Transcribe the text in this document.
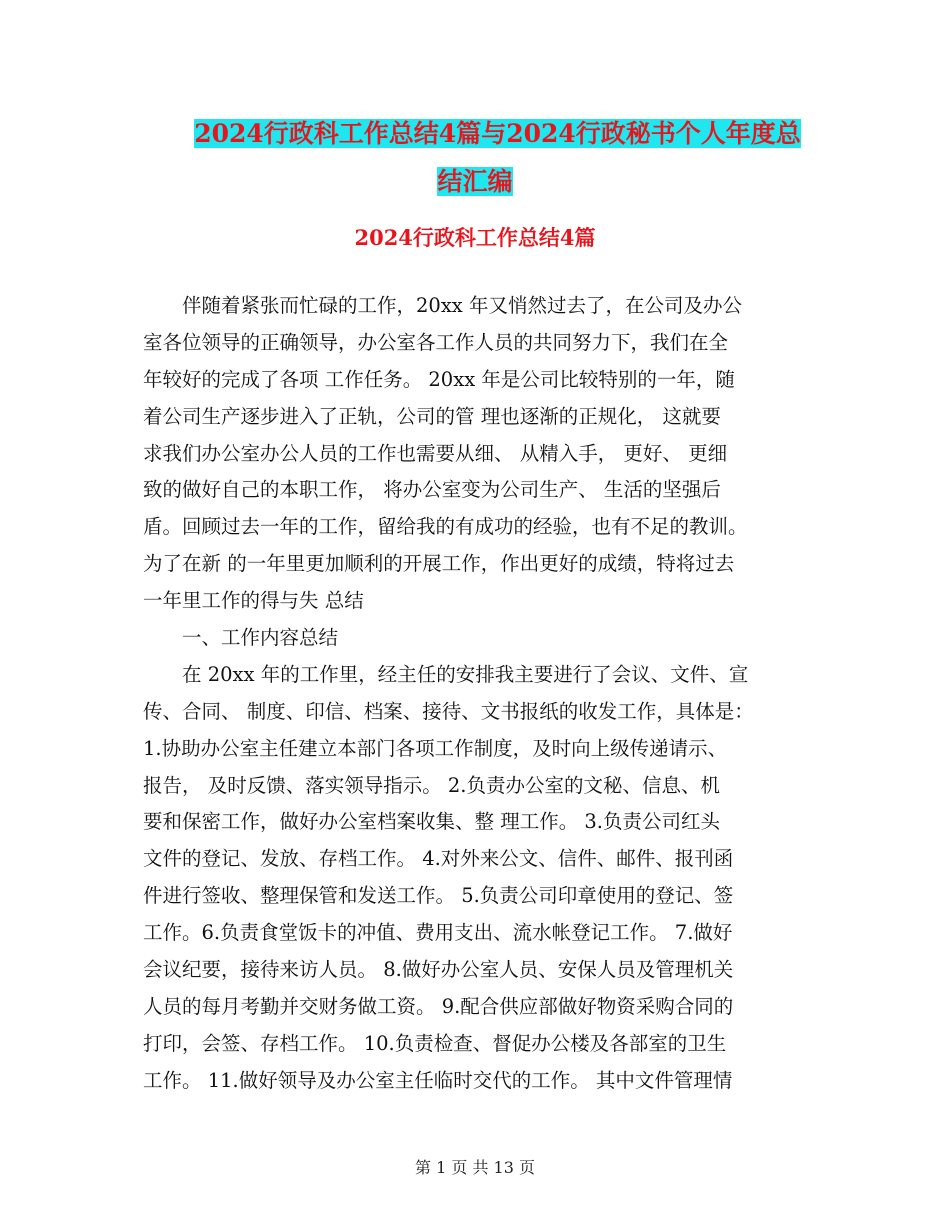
2024行政科工作总结4篇与2024行政秘书个人年度总
结汇编
2024行政科工作总结4篇
　　伴随着紧张而忙碌的工作，20xx 年又悄然过去了，在公司及办公
室各位领导的正确领导，办公室各工作人员的共同努力下，我们在全
年较好的完成了各项 工作任务。 20xx 年是公司比较特别的一年，随
着公司生产逐步进入了正轨，公司的管 理也逐渐的正规化， 这就要
求我们办公室办公人员的工作也需要从细、 从精入手， 更好、 更细
致的做好自己的本职工作， 将办公室变为公司生产、 生活的坚强后
盾。回顾过去一年的工作，留给我的有成功的经验，也有不足的教训。
为了在新 的一年里更加顺利的开展工作，作出更好的成绩，特将过去
一年里工作的得与失 总结
　　一、工作内容总结
　　在 20xx 年的工作里，经主任的安排我主要进行了会议、文件、宣
传、合同、 制度、印信、档案、接待、文书报纸的收发工作，具体是：
1.协助办公室主任建立本部门各项工作制度，及时向上级传递请示、
报告， 及时反馈、落实领导指示。 2.负责办公室的文秘、信息、机
要和保密工作，做好办公室档案收集、整 理工作。 3.负责公司红头
文件的登记、发放、存档工作。 4.对外来公文、信件、邮件、报刊函
件进行签收、整理保管和发送工作。 5.负责公司印章使用的登记、签
工作。6.负责食堂饭卡的冲值、费用支出、流水帐登记工作。 7.做好
会议纪要，接待来访人员。 8.做好办公室人员、安保人员及管理机关
人员的每月考勤并交财务做工资。 9.配合供应部做好物资采购合同的
打印，会签、存档工作。 10.负责检查、督促办公楼及各部室的卫生
工作。 11.做好领导及办公室主任临时交代的工作。 其中文件管理情
第 1 页 共 13 页
